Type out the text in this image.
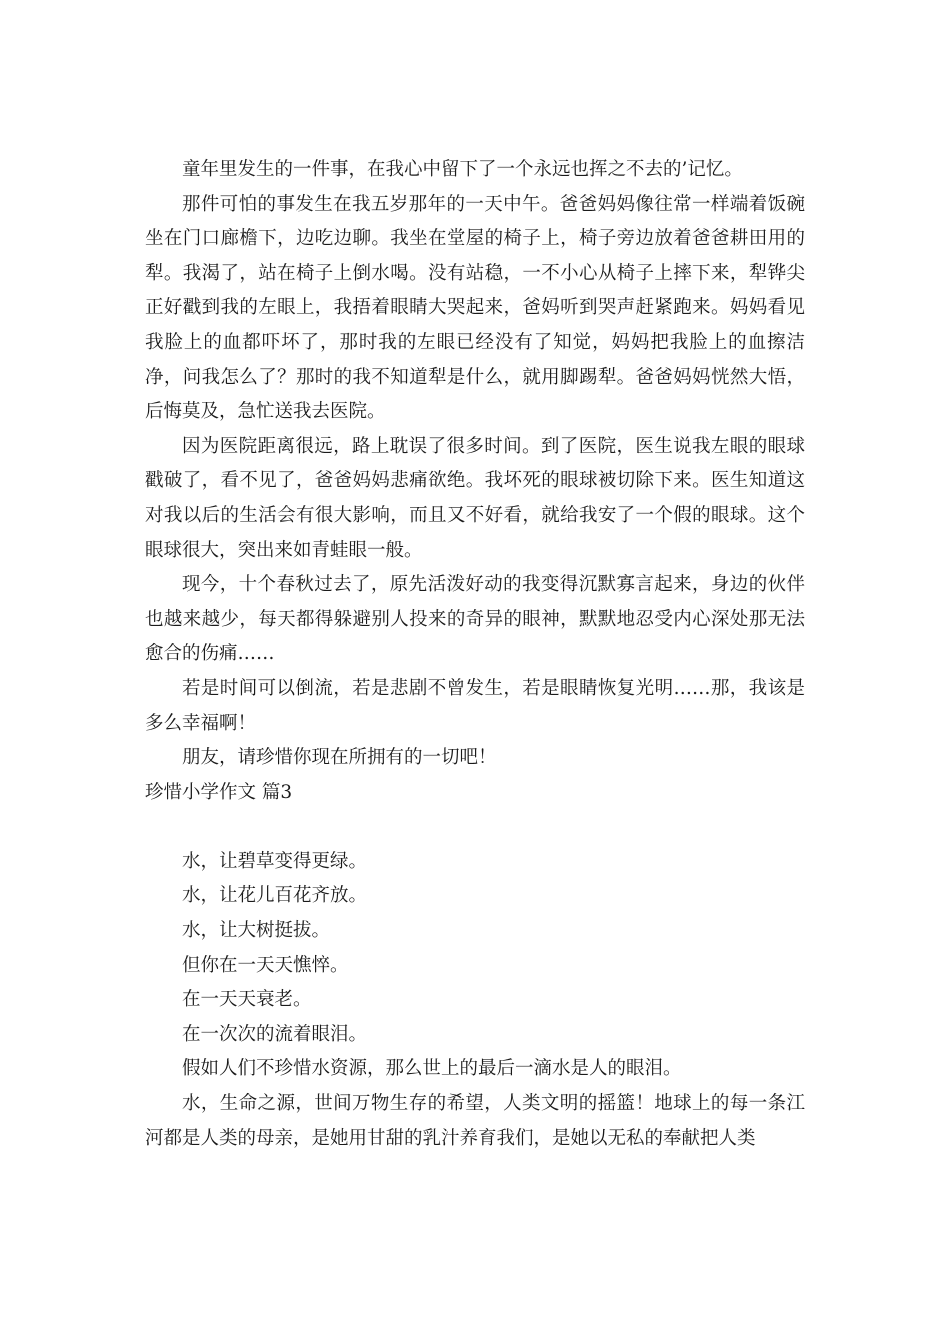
童年里发生的一件事，在我心中留下了一个永远也挥之不去的’记忆。

那件可怕的事发生在我五岁那年的一天中午。爸爸妈妈像往常一样端着饭碗坐在门口廊檐下，边吃边聊。我坐在堂屋的椅子上，椅子旁边放着爸爸耕田用的犁。我渴了，站在椅子上倒水喝。没有站稳，一不小心从椅子上摔下来，犁铧尖正好戳到我的左眼上，我捂着眼睛大哭起来，爸妈听到哭声赶紧跑来。妈妈看见我脸上的血都吓坏了，那时我的左眼已经没有了知觉，妈妈把我脸上的血擦洁净，问我怎么了？那时的我不知道犁是什么，就用脚踢犁。爸爸妈妈恍然大悟，后悔莫及，急忙送我去医院。

因为医院距离很远，路上耽误了很多时间。到了医院，医生说我左眼的眼球戳破了，看不见了，爸爸妈妈悲痛欲绝。我坏死的眼球被切除下来。医生知道这对我以后的生活会有很大影响，而且又不好看，就给我安了一个假的眼球。这个眼球很大，突出来如青蛙眼一般。

现今，十个春秋过去了，原先活泼好动的我变得沉默寡言起来，身边的伙伴也越来越少，每天都得躲避别人投来的奇异的眼神，默默地忍受内心深处那无法愈合的伤痛……

若是时间可以倒流，若是悲剧不曾发生，若是眼睛恢复光明……那，我该是多么幸福啊！

朋友，请珍惜你现在所拥有的一切吧！

珍惜小学作文 篇3

水，让碧草变得更绿。

水，让花儿百花齐放。

水，让大树挺拔。

但你在一天天憔悴。

在一天天衰老。

在一次次的流着眼泪。

假如人们不珍惜水资源，那么世上的最后一滴水是人的眼泪。

水，生命之源，世间万物生存的希望，人类文明的摇篮！地球上的每一条江河都是人类的母亲，是她用甘甜的乳汁养育我们，是她以无私的奉献把人类
